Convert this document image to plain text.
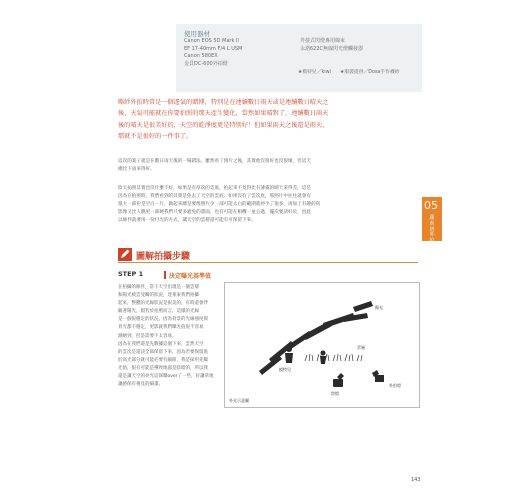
使用器材
Canon EOS 5D Mark II
EF 17-40mm F/4 L USM
Canon 580EX
金貝DC-600外拍燈
外接式閃燈專用線束
永諾622C無線閃光燈觸發器
★模特兒／kiwi ★服裝提供／Dosa手作襪紗
略紗外拍時常是一個遙氣的賭博，特別是在連續數日雨天或是連續數日晴天之
後，天氣可能就在你要拍照的那天產生變化，當然如果晴對了，連續數日雨天
後的晴天是很美好的，天空的乾淨度更是特別好！但如果雨天之後還是雨天，
那就不是很好的一件事了。
這次的案子就是在數日雨天後的一場錯法，雖然看了預片之後，其實他沒很好也沒很壞，但這天
總比下雨來得好。
陰天拍照其實也沒什麼不好，如果是有厚次的雲底，拍起來不見得比有薄霧的晴天來得差，這是
因為在拍照時，我們看到的其實是免去了天空的雲底；如果沒有了雲次底，那照片中往往就會有
很大一部份是空白一片，做起來總是要像照片少一部可能太白的範圍就停少了很多，再加上有趣的寫
影像又比人瞧更一部硬我們只要多避免的畫面，也有可能在相機一並公過、擺次要諸好於，因此
以條件就要用一份付光的方式，讓天空的雲層還可能有可保留下來。
05
蘿莉塔外拍
圖解拍攝步驟
STEP 1	決定曝光基準值
在拍攝的條件，當下天空出現是一個雲層
和陽光被雲受關的狀況，達萊東我們拍攝
起來，整體的光線狀況是很美的，有時還會伴
隨著陽光，假若於拍照而言，這樣的光線
是一個很穩定的狀況，因為背景的光線強度與
背光都不穩定，更影就我們曝光值很不容易
測繪到，但是需要不太容易。
因為在我們還是先數據這個下來，雲然天空
的雲次是還決全部保留下來，因為若要保留底
於高光部分就可能必要有細節，我是採用先曝
光值，很有可能是導致地部是陰暗的，所以我
還是讓天空的亮光這保曝over了一些，好讓草地
讓感保有視見的細畫。
陽光
模特兒
雲層
閃燈
外拍燈
外光示意圖
143
